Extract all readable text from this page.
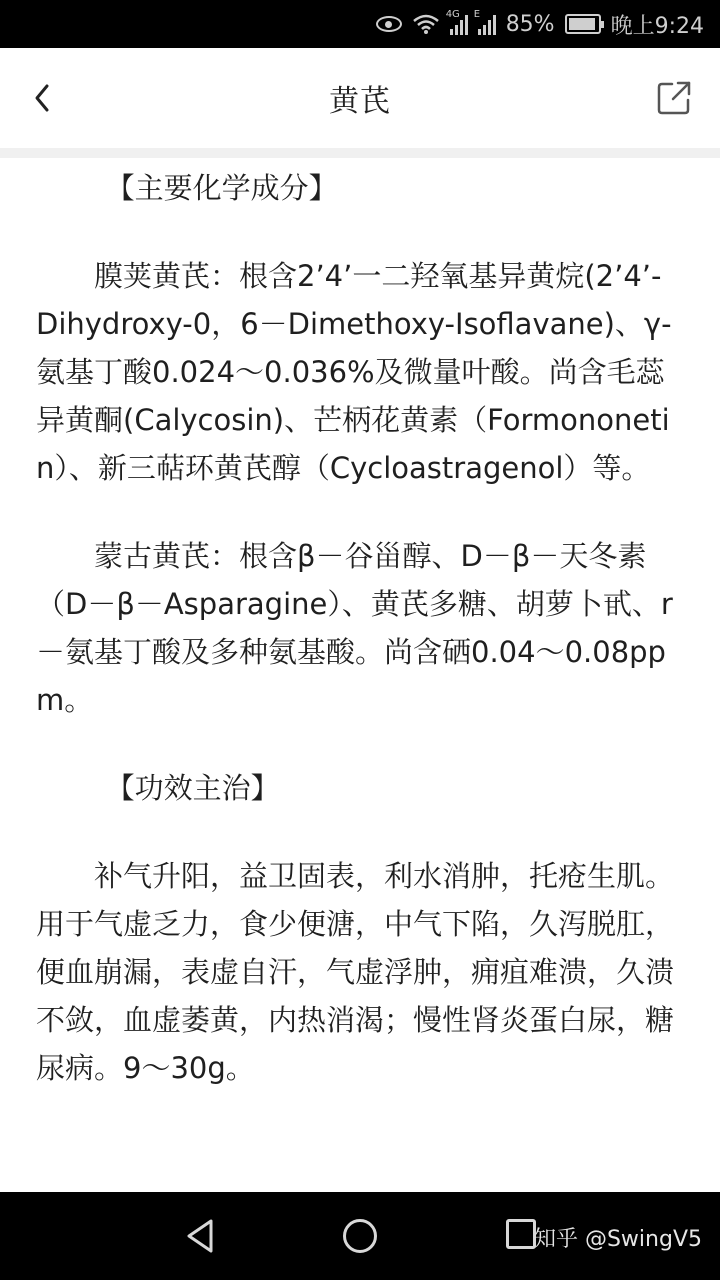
4G E 85%	晚上9:24
黄芪

【主要化学成分】

膜荚黄芪：根含2’4’一二羟氧基异黄烷(2’4’-Dihydroxy-0，6－Dimethoxy-Isoflavane)、γ-氨基丁酸0.024～0.036%及微量叶酸。尚含毛蕊异黄酮(Calycosin)、芒柄花黄素（Formononetin）、新三萜环黄芪醇（Cycloastragenol）等。

蒙古黄芪：根含β－谷甾醇、D－β－天冬素（D－β－Asparagine）、黄芪多糖、胡萝卜甙、r－氨基丁酸及多种氨基酸。尚含硒0.04～0.08ppm。

【功效主治】

补气升阳，益卫固表，利水消肿，托疮生肌。用于气虚乏力，食少便溏，中气下陷，久泻脱肛，便血崩漏，表虚自汗，气虚浮肿，痈疽难溃，久溃不敛，血虚萎黄，内热消渴；慢性肾炎蛋白尿，糖尿病。9～30g。

知乎 @SwingV5
